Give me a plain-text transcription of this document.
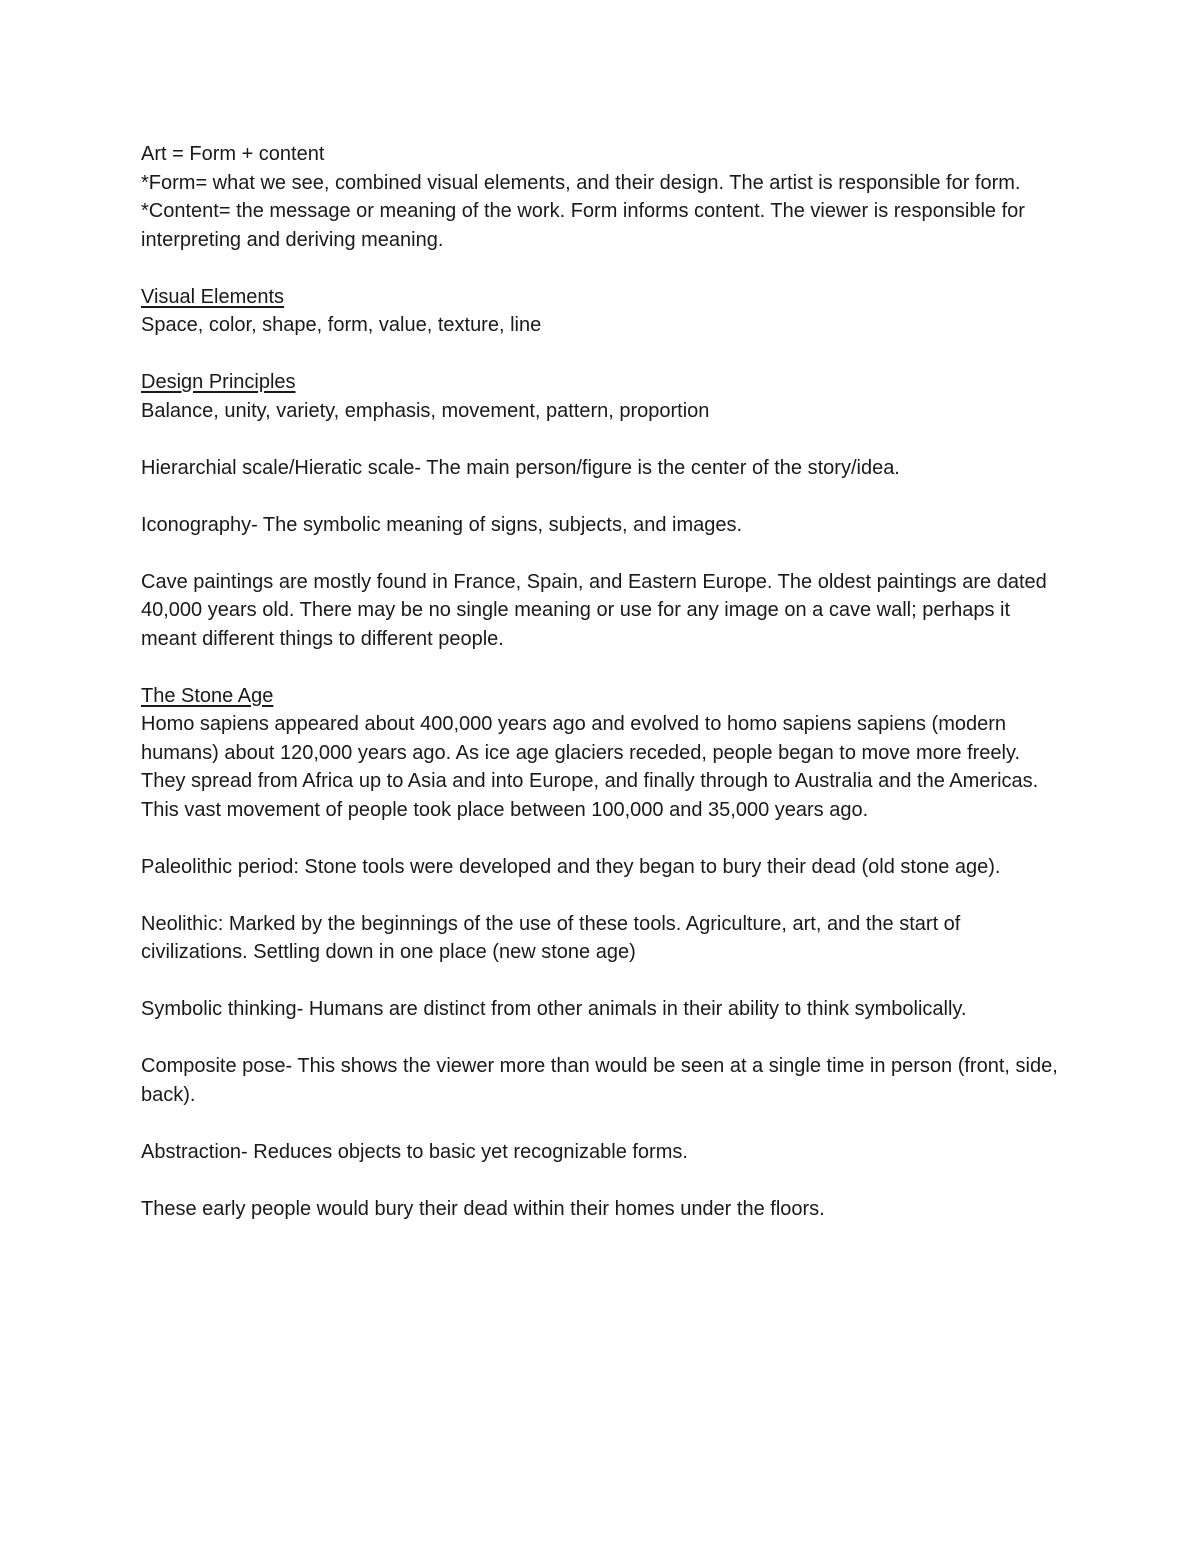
Art = Form + content

*Form= what we see, combined visual elements, and their design. The artist is responsible for form.

*Content= the message or meaning of the work. Form informs content. The viewer is responsible for interpreting and deriving meaning.

Visual Elements

Space, color, shape, form, value, texture, line

Design Principles

Balance, unity, variety, emphasis, movement, pattern, proportion

Hierarchial scale/Hieratic scale- The main person/figure is the center of the story/idea.

Iconography- The symbolic meaning of signs, subjects, and images.

Cave paintings are mostly found in France, Spain, and Eastern Europe. The oldest paintings are dated 40,000 years old. There may be no single meaning or use for any image on a cave wall; perhaps it meant different things to different people.

The Stone Age

Homo sapiens appeared about 400,000 years ago and evolved to homo sapiens sapiens (modern humans) about 120,000 years ago. As ice age glaciers receded, people began to move more freely. They spread from Africa up to Asia and into Europe, and finally through to Australia and the Americas.

This vast movement of people took place between 100,000 and 35,000 years ago.

Paleolithic period: Stone tools were developed and they began to bury their dead (old stone age).

Neolithic: Marked by the beginnings of the use of these tools. Agriculture, art, and the start of civilizations. Settling down in one place (new stone age)

Symbolic thinking- Humans are distinct from other animals in their ability to think symbolically.

Composite pose- This shows the viewer more than would be seen at a single time in person (front, side, back).

Abstraction- Reduces objects to basic yet recognizable forms.

These early people would bury their dead within their homes under the floors.
